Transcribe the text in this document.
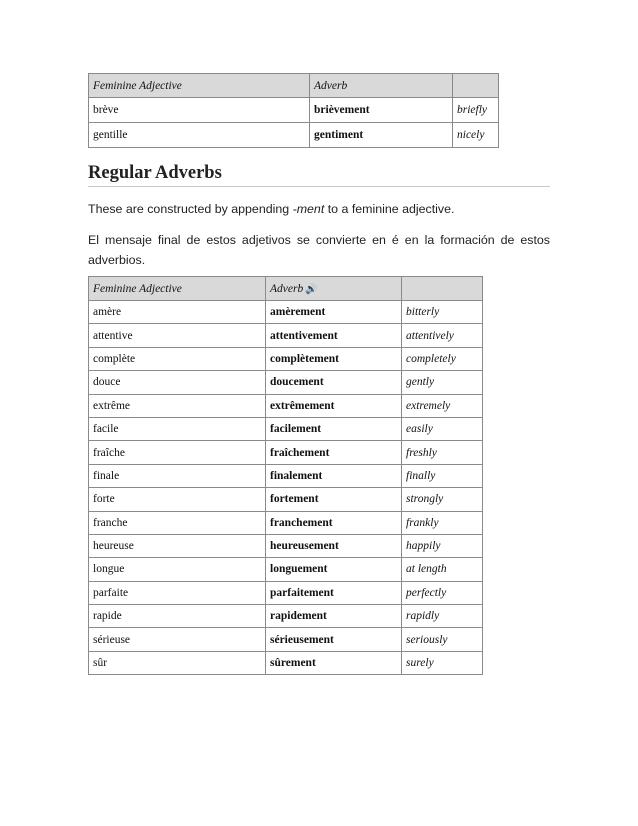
Feminine Adjective	Adverb	
brève	brièvement	briefly
gentille	gentiment	nicely
Regular Adverbs

These are constructed by appending -ment to a feminine adjective.

El mensaje final de estos adjetivos se convierte en é en la formación de estos adverbios.

Feminine Adjective	Adverb 🔊	
amère	amèrement	bitterly
attentive	attentivement	attentively
complète	complètement	completely
douce	doucement	gently
extrême	extrêmement	extremely
facile	facilement	easily
fraîche	fraîchement	freshly
finale	finalement	finally
forte	fortement	strongly
franche	franchement	frankly
heureuse	heureusement	happily
longue	longuement	at length
parfaite	parfaitement	perfectly
rapide	rapidement	rapidly
sérieuse	sérieusement	seriously
sûr	sûrement	surely
